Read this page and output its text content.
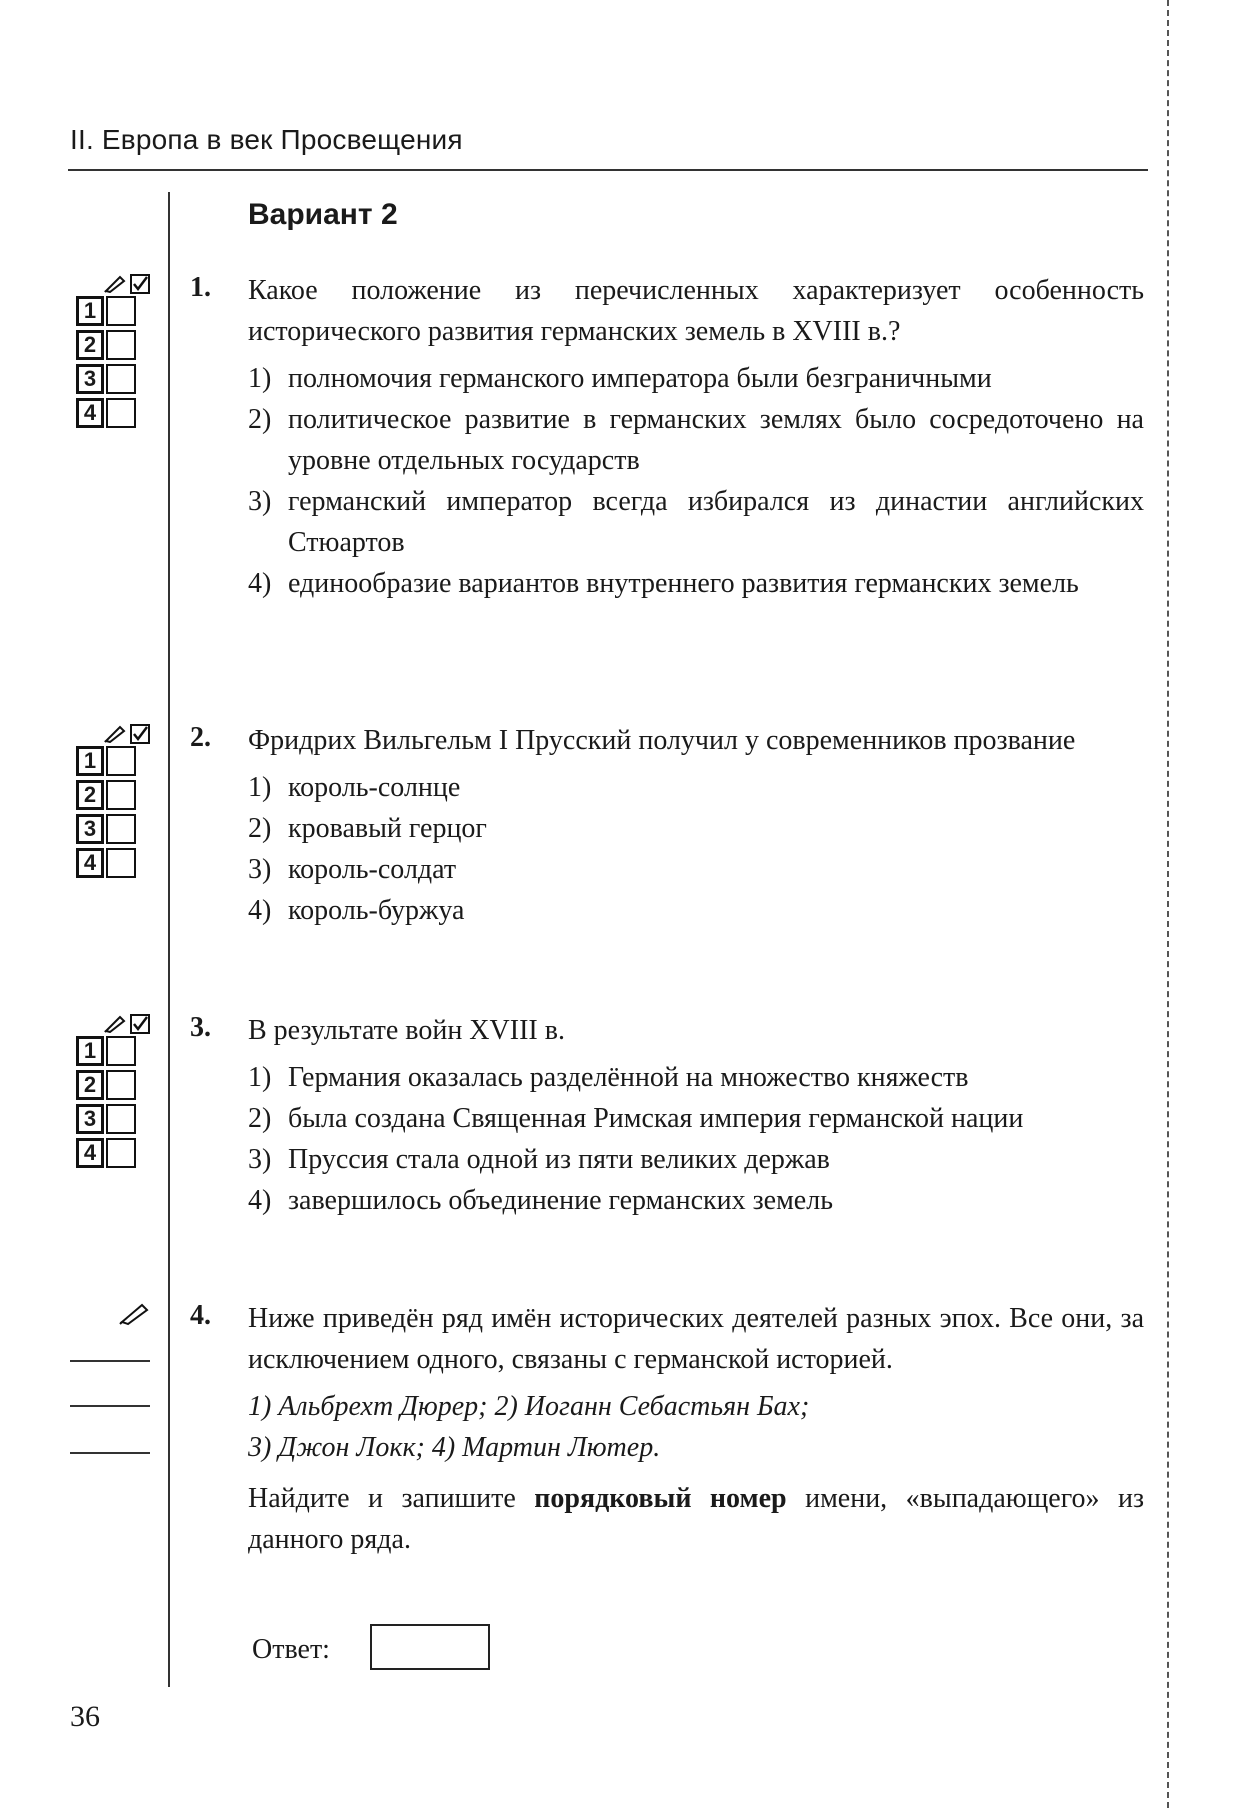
II. Европа в век Просвещения
Вариант 2
1
2
3
4
1
2
3
4
1
2
3
4
1. Какое положение из перечисленных характеризует особенность исторического развития германских земель в XVIII в.?
1) полномочия германского императора были безграничными
2) политическое развитие в германских землях было сосредоточено на уровне отдельных государств
3) германский император всегда избирался из династии английских Стюартов
4) единообразие вариантов внутреннего развития германских земель
2. Фридрих Вильгельм I Прусский получил у современников прозвание
1) король-солнце
2) кровавый герцог
3) король-солдат
4) король-буржуа
3. В результате войн XVIII в.
1) Германия оказалась разделённой на множество княжеств
2) была создана Священная Римская империя германской нации
3) Пруссия стала одной из пяти великих держав
4) завершилось объединение германских земель
4. Ниже приведён ряд имён исторических деятелей разных эпох. Все они, за исключением одного, связаны с германской историей.
1) Альбрехт Дюрер; 2) Иоганн Себастьян Бах;
3) Джон Локк; 4) Мартин Лютер.
Найдите и запишите порядковый номер имени, «выпадающего» из данного ряда.
Ответ:
36
